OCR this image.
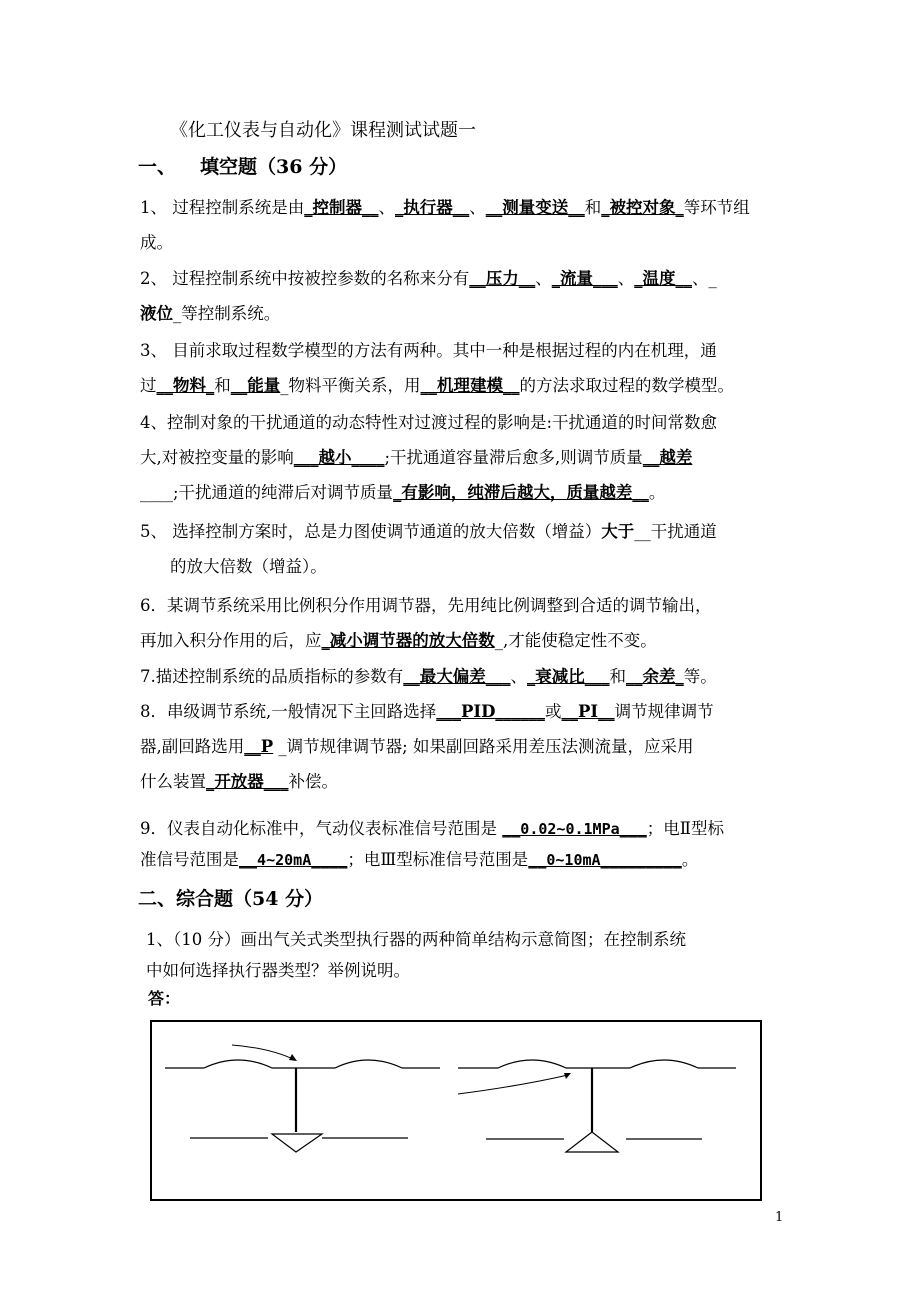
《化工仪表与自动化》课程测试试题一
一、 填空题（36 分）
1、 过程控制系统是由_控制器__、_执行器__、__测量变送__和_被控对象_等环节组
成。
2、 过程控制系统中按被控参数的名称来分有__压力__、_流量___、_温度__、_
液位_等控制系统。
3、 目前求取过程数学模型的方法有两种。其中一种是根据过程的内在机理，通
过__物料_和__能量_物料平衡关系，用__机理建模__的方法求取过程的数学模型。
4、控制对象的干扰通道的动态特性对过渡过程的影响是:干扰通道的时间常数愈
大,对被控变量的影响___越小____;干扰通道容量滞后愈多,则调节质量__越差
____;干扰通道的纯滞后对调节质量_有影响，纯滞后越大，质量越差__。
5、 选择控制方案时，总是力图使调节通道的放大倍数（增益）大于__干扰通道
的放大倍数（增益）。
6．某调节系统采用比例积分作用调节器，先用纯比例调整到合适的调节输出，
再加入积分作用的后，应_减小调节器的放大倍数_,才能使稳定性不变。
7.描述控制系统的品质指标的参数有__最大偏差___、_衰减比___和__余差_等。
8．串级调节系统,一般情况下主回路选择___PID______或__PI__调节规律调节
器,副回路选用__P _调节规律调节器; 如果副回路采用差压法测流量，应采用
什么装置_开放器___补偿。
9．仪表自动化标准中，气动仪表标准信号范围是 __0.02~0.1MPa___；电Ⅱ型标
准信号范围是__4~20mA____；电Ⅲ型标准信号范围是__0~10mA_________。
二、综合题（54 分）
1、（10 分）画出气关式类型执行器的两种简单结构示意简图；在控制系统
中如何选择执行器类型？举例说明。
答：
1
